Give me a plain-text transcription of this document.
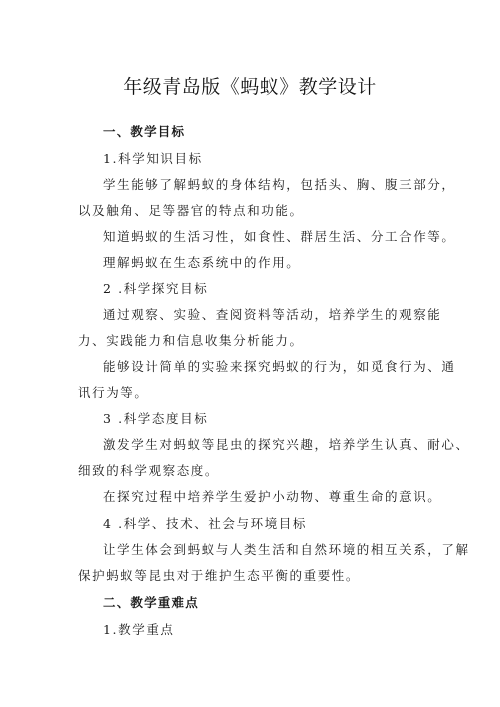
年级青岛版《蚂蚁》教学设计
一、教学目标
1.科学知识目标
学生能够了解蚂蚁的身体结构，包括头、胸、腹三部分，
以及触角、足等器官的特点和功能。
知道蚂蚁的生活习性，如食性、群居生活、分工合作等。
理解蚂蚁在生态系统中的作用。
2 .科学探究目标
通过观察、实验、查阅资料等活动，培养学生的观察能
力、实践能力和信息收集分析能力。
能够设计简单的实验来探究蚂蚁的行为，如觅食行为、通
讯行为等。
3 .科学态度目标
激发学生对蚂蚁等昆虫的探究兴趣，培养学生认真、耐心、
细致的科学观察态度。
在探究过程中培养学生爱护小动物、尊重生命的意识。
4 .科学、技术、社会与环境目标
让学生体会到蚂蚁与人类生活和自然环境的相互关系，了解
保护蚂蚁等昆虫对于维护生态平衡的重要性。
二、教学重难点
1.教学重点
